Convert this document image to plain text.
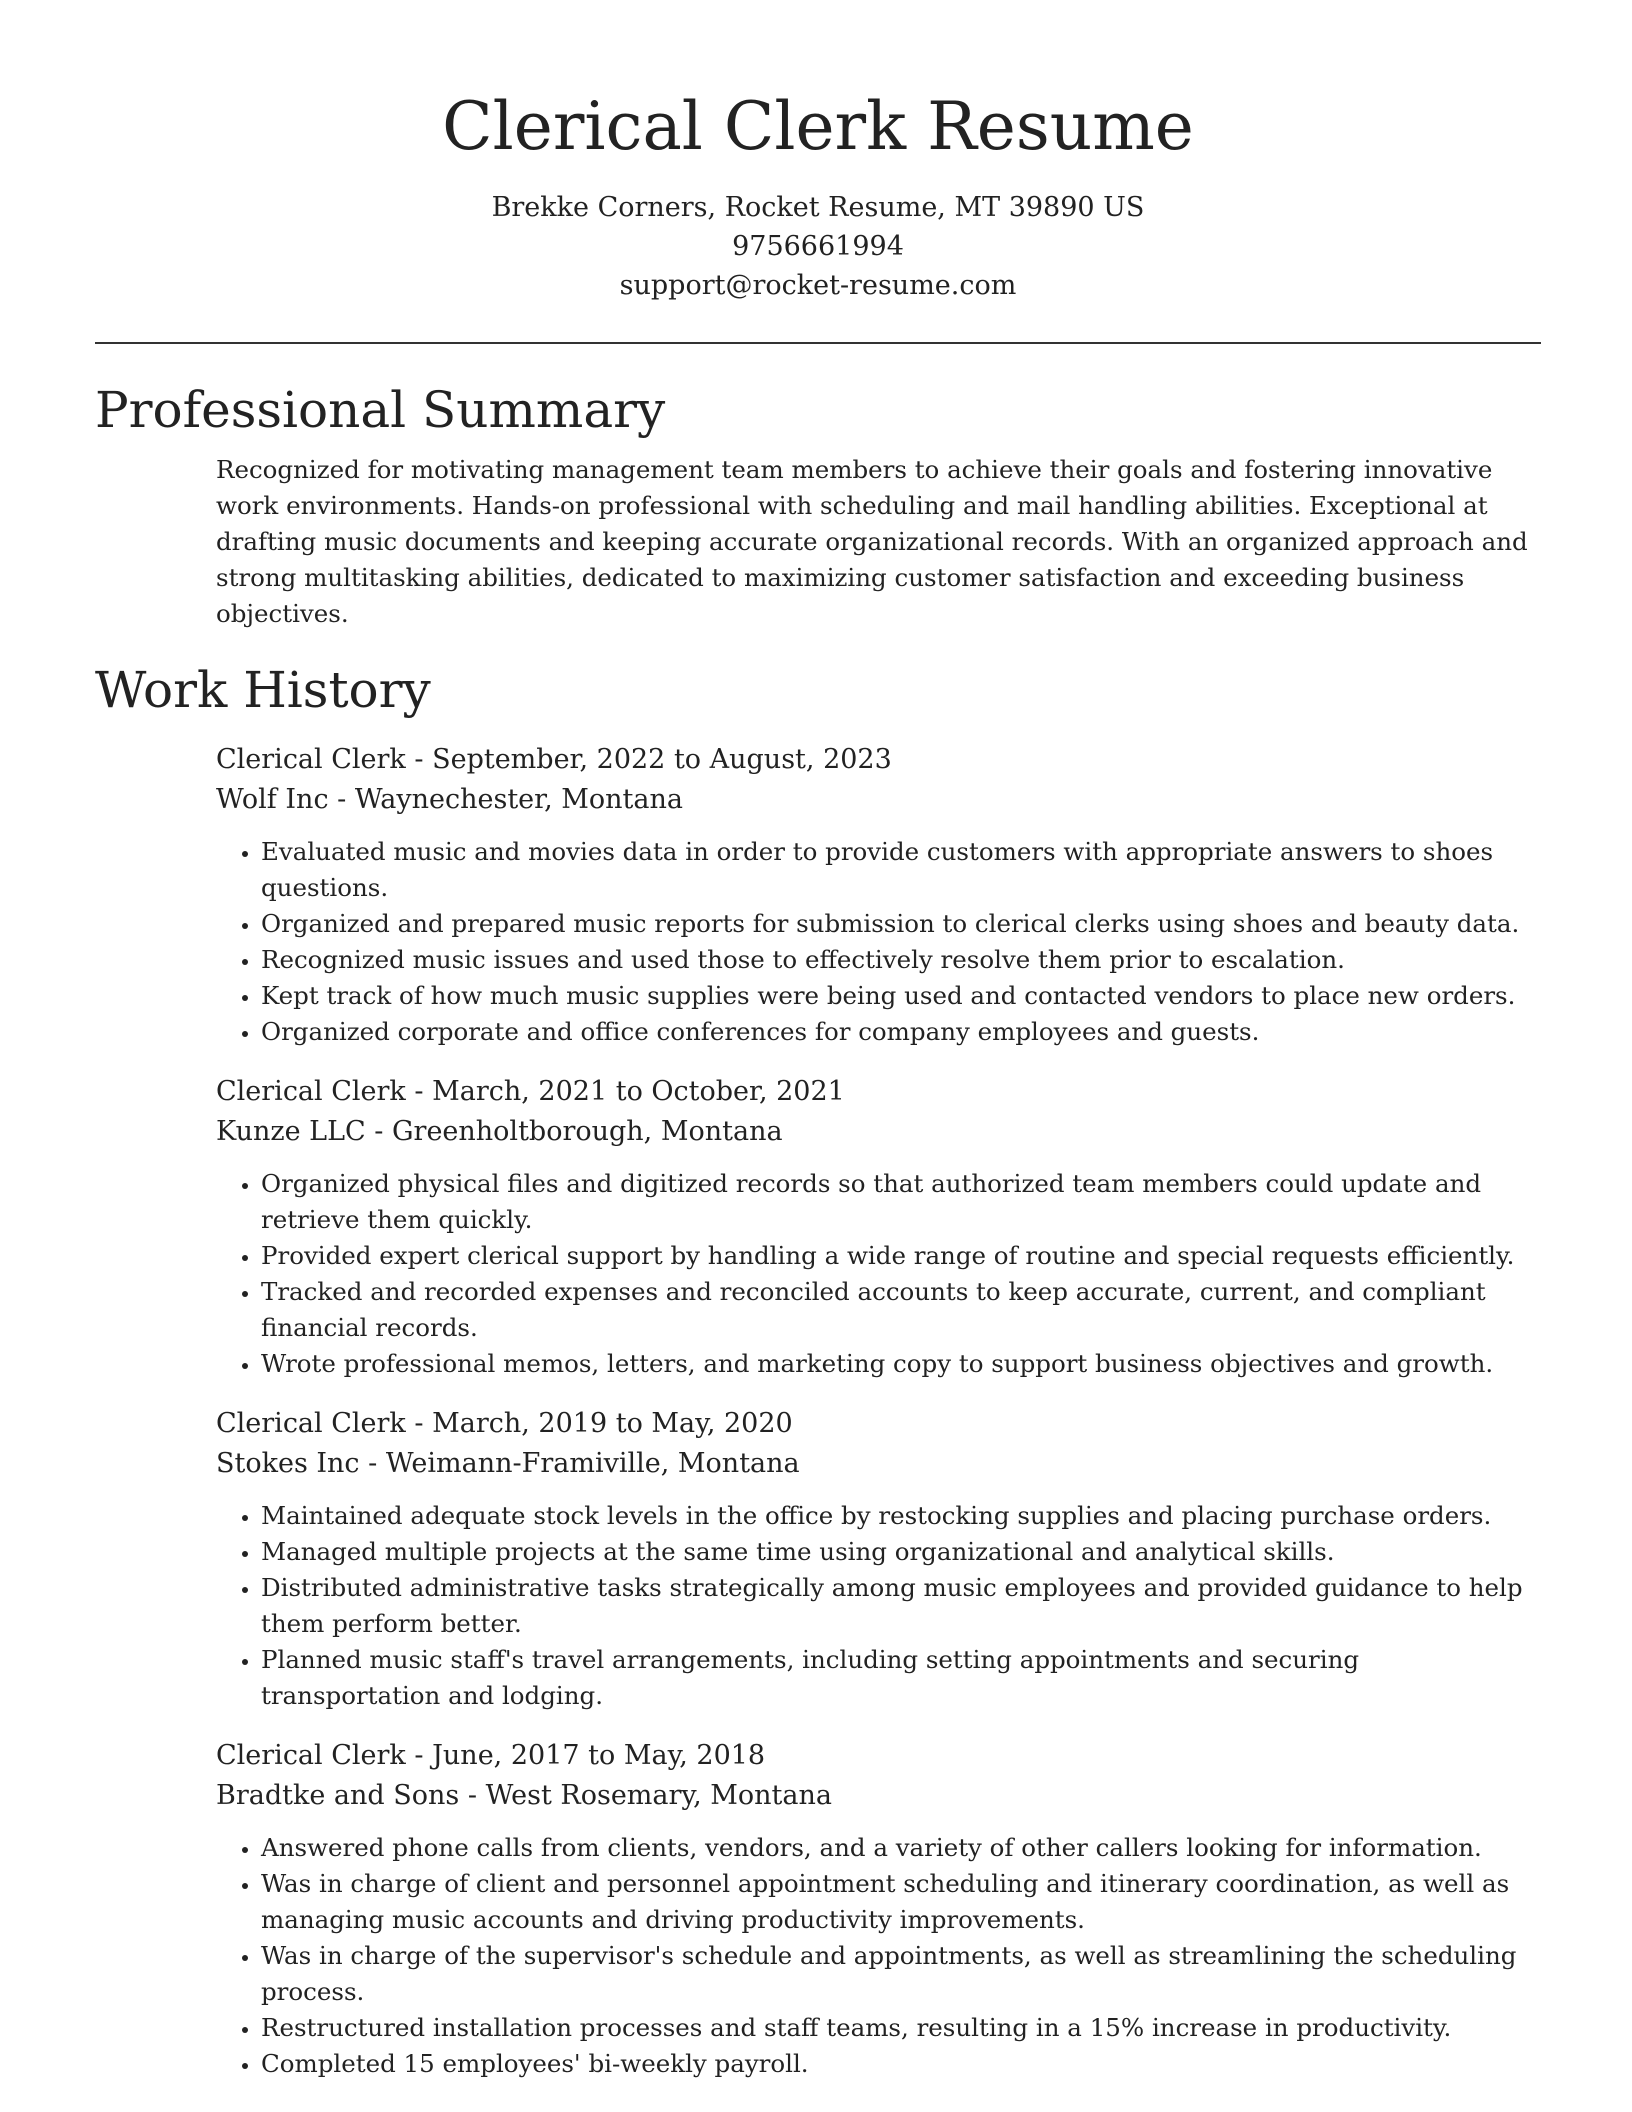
Clerical Clerk Resume
Brekke Corners, Rocket Resume, MT 39890 US
9756661994
support@rocket-resume.com
Professional Summary

Recognized for motivating management team members to achieve their goals and fostering innovative work environments. Hands-on professional with scheduling and mail handling abilities. Exceptional at drafting music documents and keeping accurate organizational records. With an organized approach and strong multitasking abilities, dedicated to maximizing customer satisfaction and exceeding business objectives.

Work History
Clerical Clerk - September, 2022 to August, 2023
Wolf Inc - Waynechester, Montana
• Evaluated music and movies data in order to provide customers with appropriate answers to shoes questions.
• Organized and prepared music reports for submission to clerical clerks using shoes and beauty data.
• Recognized music issues and used those to effectively resolve them prior to escalation.
• Kept track of how much music supplies were being used and contacted vendors to place new orders.
• Organized corporate and office conferences for company employees and guests.
Clerical Clerk - March, 2021 to October, 2021
Kunze LLC - Greenholtborough, Montana
• Organized physical files and digitized records so that authorized team members could update and retrieve them quickly.
• Provided expert clerical support by handling a wide range of routine and special requests efficiently.
• Tracked and recorded expenses and reconciled accounts to keep accurate, current, and compliant financial records.
• Wrote professional memos, letters, and marketing copy to support business objectives and growth.
Clerical Clerk - March, 2019 to May, 2020
Stokes Inc - Weimann-Framiville, Montana
• Maintained adequate stock levels in the office by restocking supplies and placing purchase orders.
• Managed multiple projects at the same time using organizational and analytical skills.
• Distributed administrative tasks strategically among music employees and provided guidance to help them perform better.
• Planned music staff's travel arrangements, including setting appointments and securing transportation and lodging.
Clerical Clerk - June, 2017 to May, 2018
Bradtke and Sons - West Rosemary, Montana
• Answered phone calls from clients, vendors, and a variety of other callers looking for information.
• Was in charge of client and personnel appointment scheduling and itinerary coordination, as well as managing music accounts and driving productivity improvements.
• Was in charge of the supervisor's schedule and appointments, as well as streamlining the scheduling process.
• Restructured installation processes and staff teams, resulting in a 15% increase in productivity.
• Completed 15 employees' bi-weekly payroll.
